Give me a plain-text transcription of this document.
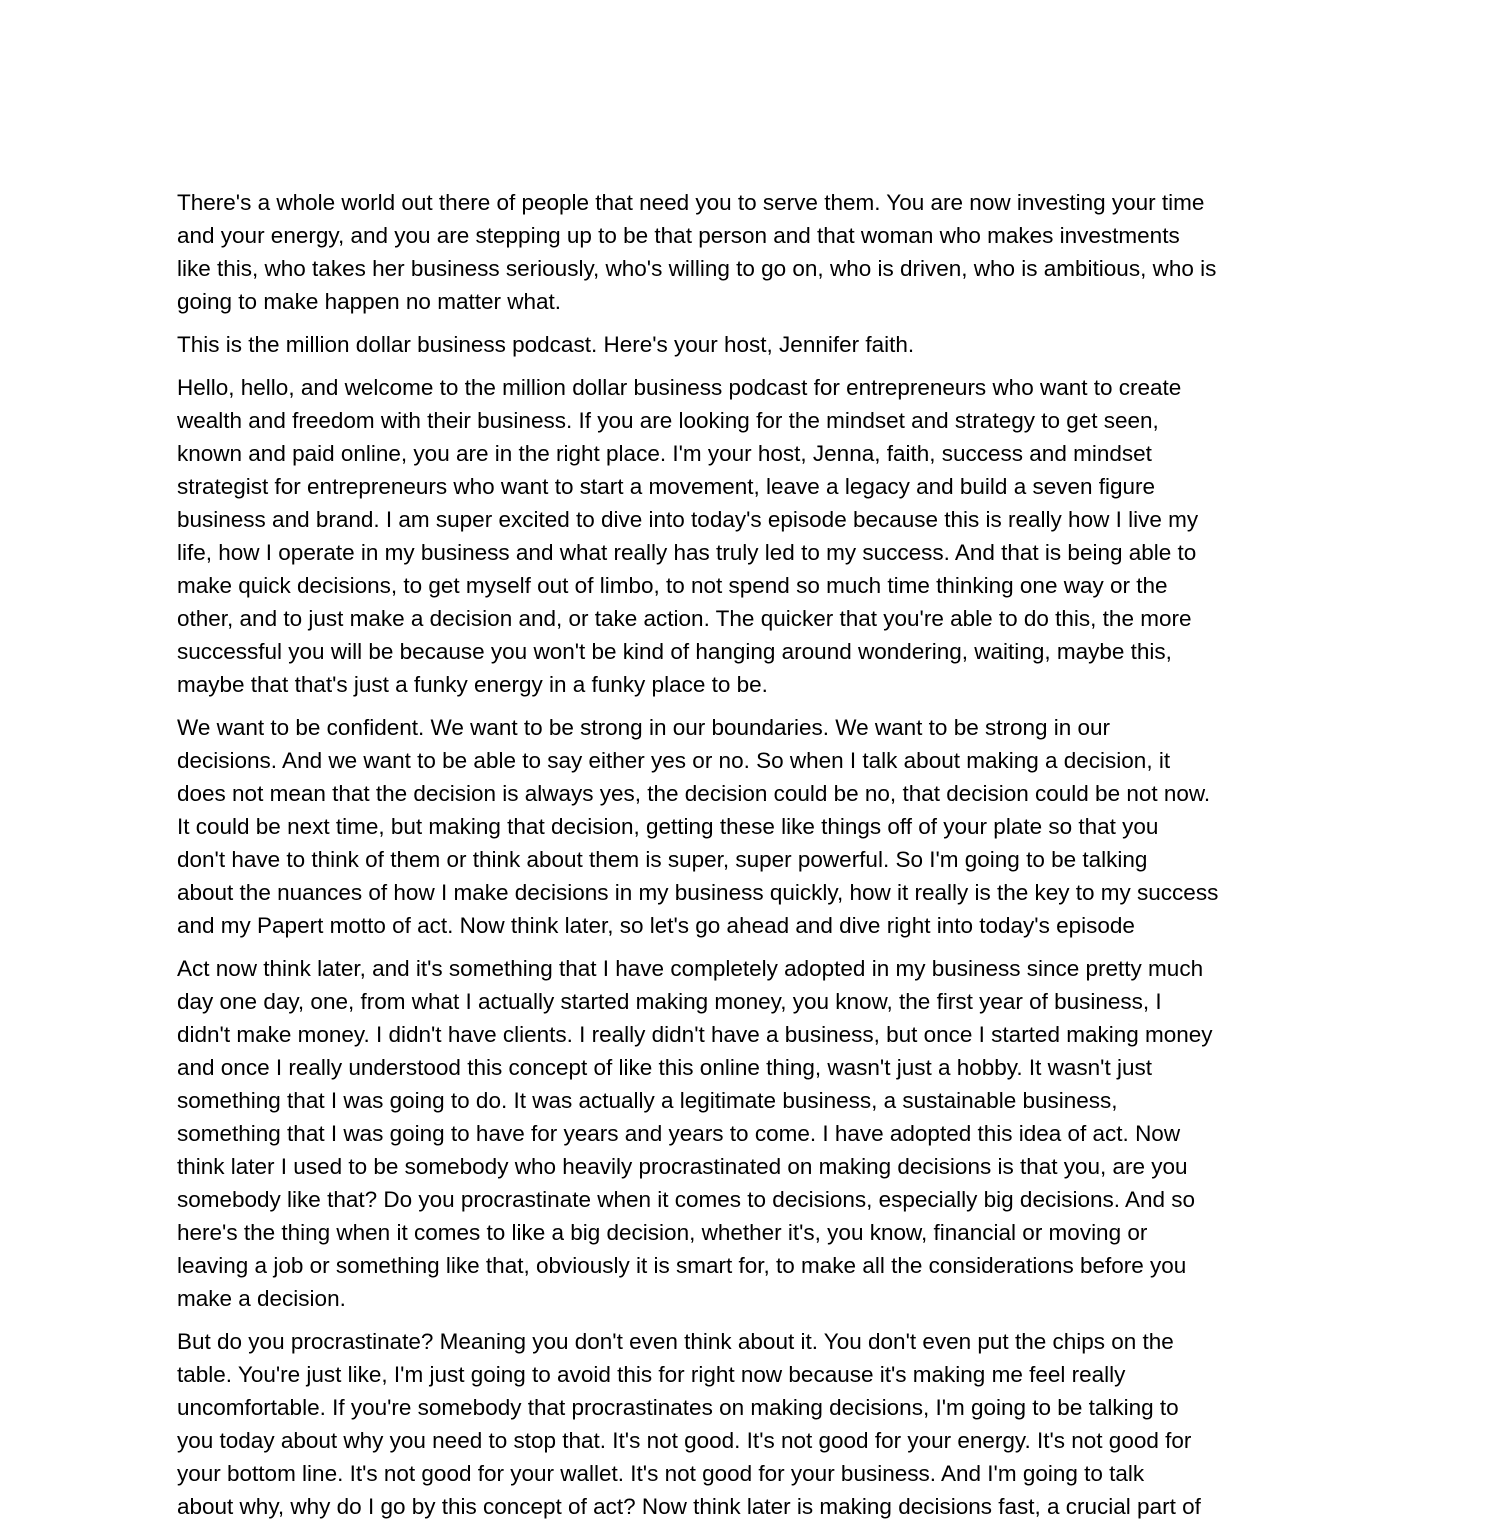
There's a whole world out there of people that need you to serve them. You are now investing your time
and your energy, and you are stepping up to be that person and that woman who makes investments
like this, who takes her business seriously, who's willing to go on, who is driven, who is ambitious, who is
going to make happen no matter what.

This is the million dollar business podcast. Here's your host, Jennifer faith.

Hello, hello, and welcome to the million dollar business podcast for entrepreneurs who want to create
wealth and freedom with their business. If you are looking for the mindset and strategy to get seen,
known and paid online, you are in the right place. I'm your host, Jenna, faith, success and mindset
strategist for entrepreneurs who want to start a movement, leave a legacy and build a seven figure
business and brand. I am super excited to dive into today's episode because this is really how I live my
life, how I operate in my business and what really has truly led to my success. And that is being able to
make quick decisions, to get myself out of limbo, to not spend so much time thinking one way or the
other, and to just make a decision and, or take action. The quicker that you're able to do this, the more
successful you will be because you won't be kind of hanging around wondering, waiting, maybe this,
maybe that that's just a funky energy in a funky place to be.

We want to be confident. We want to be strong in our boundaries. We want to be strong in our
decisions. And we want to be able to say either yes or no. So when I talk about making a decision, it
does not mean that the decision is always yes, the decision could be no, that decision could be not now.
It could be next time, but making that decision, getting these like things off of your plate so that you
don't have to think of them or think about them is super, super powerful. So I'm going to be talking
about the nuances of how I make decisions in my business quickly, how it really is the key to my success
and my Papert motto of act. Now think later, so let's go ahead and dive right into today's episode

Act now think later, and it's something that I have completely adopted in my business since pretty much
day one day, one, from what I actually started making money, you know, the first year of business, I
didn't make money. I didn't have clients. I really didn't have a business, but once I started making money
and once I really understood this concept of like this online thing, wasn't just a hobby. It wasn't just
something that I was going to do. It was actually a legitimate business, a sustainable business,
something that I was going to have for years and years to come. I have adopted this idea of act. Now
think later I used to be somebody who heavily procrastinated on making decisions is that you, are you
somebody like that? Do you procrastinate when it comes to decisions, especially big decisions. And so
here's the thing when it comes to like a big decision, whether it's, you know, financial or moving or
leaving a job or something like that, obviously it is smart for, to make all the considerations before you
make a decision.

But do you procrastinate? Meaning you don't even think about it. You don't even put the chips on the
table. You're just like, I'm just going to avoid this for right now because it's making me feel really
uncomfortable. If you're somebody that procrastinates on making decisions, I'm going to be talking to
you today about why you need to stop that. It's not good. It's not good for your energy. It's not good for
your bottom line. It's not good for your wallet. It's not good for your business. And I'm going to talk
about why, why do I go by this concept of act? Now think later is making decisions fast, a crucial part of
